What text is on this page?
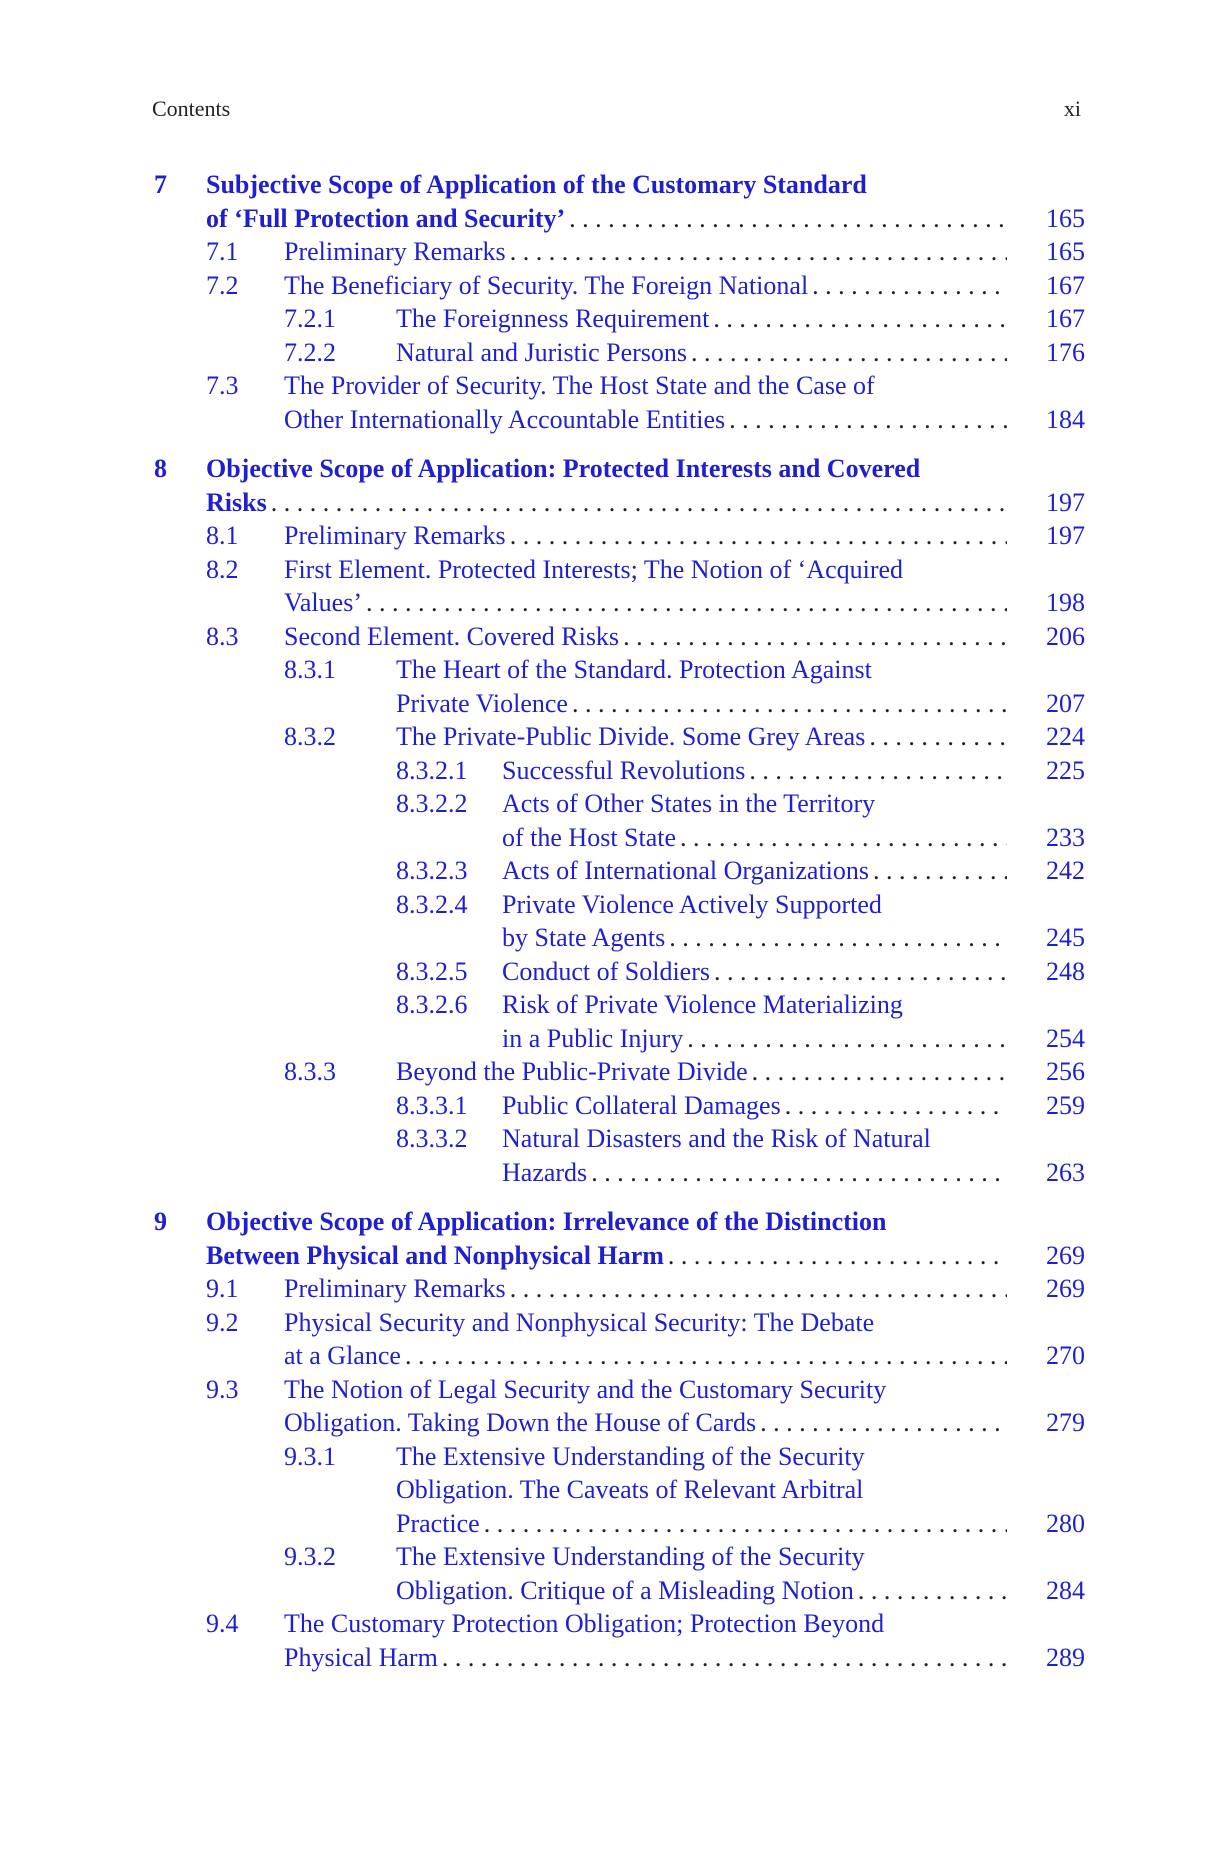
Contents	xi
7 Subjective Scope of Application of the Customary Standard
of ‘Full Protection and Security’ . . .	165
7.1 Preliminary Remarks . . .	165
7.2 The Beneficiary of Security. The Foreign National . . .	167
7.2.1 The Foreignness Requirement . . .	167
7.2.2 Natural and Juristic Persons . . .	176
7.3 The Provider of Security. The Host State and the Case of
Other Internationally Accountable Entities . . .	184
8 Objective Scope of Application: Protected Interests and Covered
Risks . . .	197
8.1 Preliminary Remarks . . .	197
8.2 First Element. Protected Interests; The Notion of ‘Acquired
Values’ . . .	198
8.3 Second Element. Covered Risks . . .	206
8.3.1 The Heart of the Standard. Protection Against
Private Violence . . .	207
8.3.2 The Private-Public Divide. Some Grey Areas . . .	224
8.3.2.1 Successful Revolutions . . .	225
8.3.2.2 Acts of Other States in the Territory
of the Host State . . .	233
8.3.2.3 Acts of International Organizations . . .	242
8.3.2.4 Private Violence Actively Supported
by State Agents . . .	245
8.3.2.5 Conduct of Soldiers . . .	248
8.3.2.6 Risk of Private Violence Materializing
in a Public Injury . . .	254
8.3.3 Beyond the Public-Private Divide . . .	256
8.3.3.1 Public Collateral Damages . . .	259
8.3.3.2 Natural Disasters and the Risk of Natural
Hazards . . .	263
9 Objective Scope of Application: Irrelevance of the Distinction
Between Physical and Nonphysical Harm . . .	269
9.1 Preliminary Remarks . . .	269
9.2 Physical Security and Nonphysical Security: The Debate
at a Glance . . .	270
9.3 The Notion of Legal Security and the Customary Security
Obligation. Taking Down the House of Cards . . .	279
9.3.1 The Extensive Understanding of the Security
Obligation. The Caveats of Relevant Arbitral
Practice . . .	280
9.3.2 The Extensive Understanding of the Security
Obligation. Critique of a Misleading Notion . . .	284
9.4 The Customary Protection Obligation; Protection Beyond
Physical Harm . . .	289
